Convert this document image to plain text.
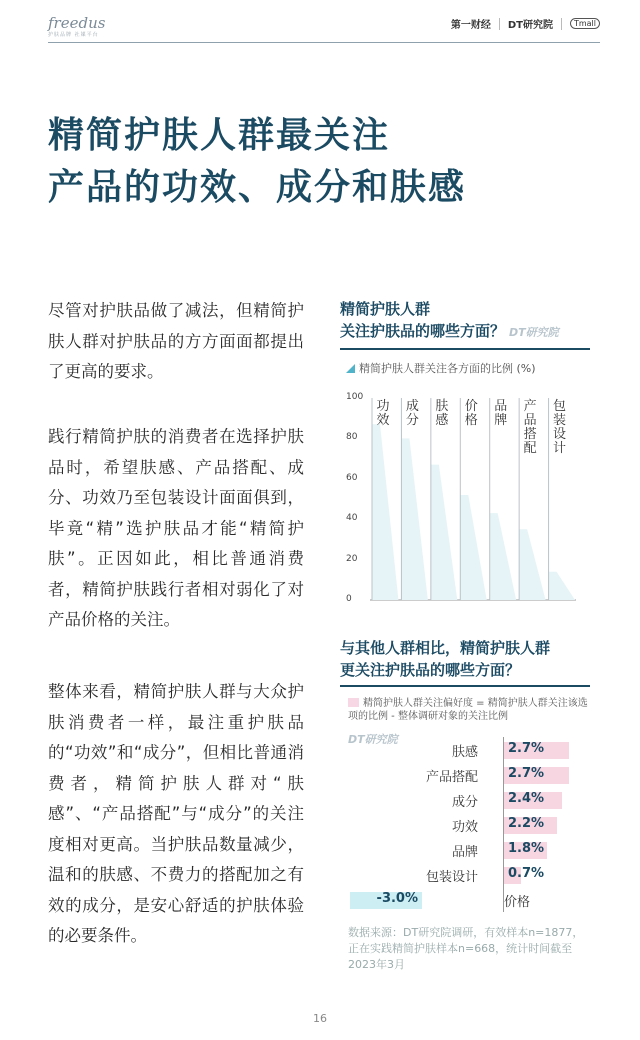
freedus
护肤品牌 社媒平台
第一财经 DT研究院	Tmall
精简护肤人群最关注
产品的功效、成分和肤感

尽管对护肤品做了减法，但精简护肤人群对护肤品的方方面面都提出了更高的要求。

践行精简护肤的消费者在选择护肤品时，希望肤感、产品搭配、成分、功效乃至包装设计面面俱到，毕竟“精”选护肤品才能“精简护肤”。正因如此，相比普通消费者，精简护肤践行者相对弱化了对产品价格的关注。

整体来看，精简护肤人群与大众护肤消费者一样，最注重护肤品的“功效”和“成分”，但相比普通消费者，精简护肤人群对“肤感”、“产品搭配”与“成分”的关注度相对更高。当护肤品数量减少，温和的肤感、不费力的搭配加之有效的成分，是安心舒适的护肤体验的必要条件。

精简护肤人群
关注护肤品的哪些方面？ DT研究院
精简护肤人群关注各方面的比例 (%)
0
20
40
60
80
100
功效
成分
肤感
价格
品牌
产品搭配
包装设计
与其他人群相比，精简护肤人群
更关注护肤品的哪些方面？
精简护肤人群关注偏好度 = 精简护肤人群关注该选项的比例 - 整体调研对象的关注比例
DT研究院
2.7%
肤感
2.7%
产品搭配
2.4%
成分
2.2%
功效
1.8%
品牌
0.7%
包装设计
-3.0%	价格
数据来源：DT研究院调研，有效样本n=1877，正在实践精简护肤样本n=668，统计时间截至2023年3月
16
